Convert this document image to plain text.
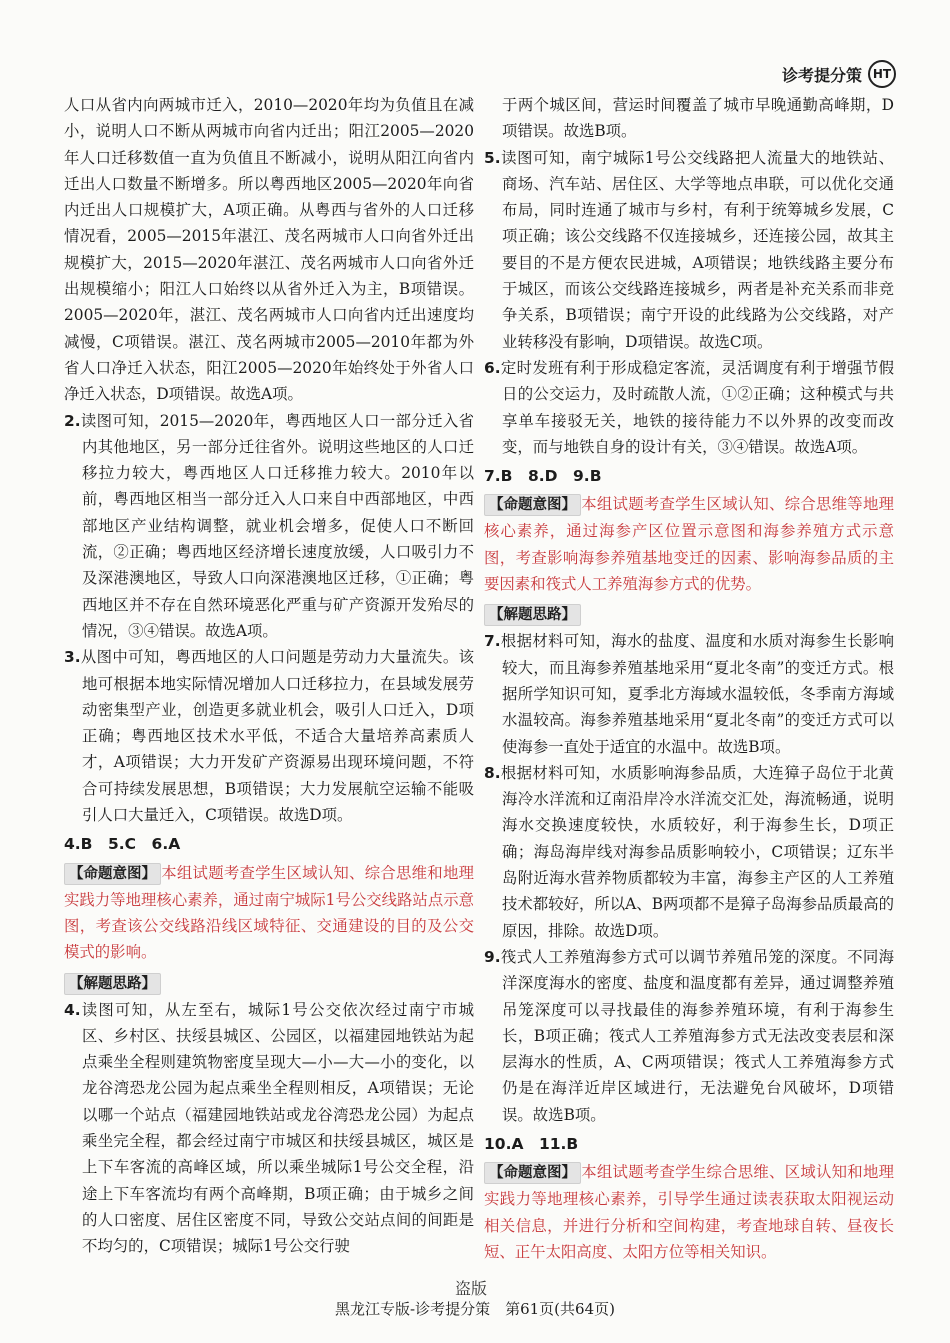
诊考提分策 HT

人口从省内向两城市迁入，2010—2020年均为负值且在减小，说明人口不断从两城市向省内迁出；阳江2005—2020年人口迁移数值一直为负值且不断减小，说明从阳江向省内迁出人口数量不断增多。所以粤西地区2005—2020年向省内迁出人口规模扩大，A项正确。从粤西与省外的人口迁移情况看，2005—2015年湛江、茂名两城市人口向省外迁出规模扩大，2015—2020年湛江、茂名两城市人口向省外迁出规模缩小；阳江人口始终以从省外迁入为主，B项错误。2005—2020年，湛江、茂名两城市人口向省内迁出速度均减慢，C项错误。湛江、茂名两城市2005—2010年都为外省人口净迁入状态，阳江2005—2020年始终处于外省人口净迁入状态，D项错误。故选A项。

2.读图可知，2015—2020年，粤西地区人口一部分迁入省内其他地区，另一部分迁往省外。说明这些地区的人口迁移拉力较大，粤西地区人口迁移推力较大。2010年以前，粤西地区相当一部分迁入人口来自中西部地区，中西部地区产业结构调整，就业机会增多，促使人口不断回流，②正确；粤西地区经济增长速度放缓，人口吸引力不及深港澳地区，导致人口向深港澳地区迁移，①正确；粤西地区并不存在自然环境恶化严重与矿产资源开发殆尽的情况，③④错误。故选A项。

3.从图中可知，粤西地区的人口问题是劳动力大量流失。该地可根据本地实际情况增加人口迁移拉力，在县域发展劳动密集型产业，创造更多就业机会，吸引人口迁入，D项正确；粤西地区技术水平低，不适合大量培养高素质人才，A项错误；大力开发矿产资源易出现环境问题，不符合可持续发展思想，B项错误；大力发展航空运输不能吸引人口大量迁入，C项错误。故选D项。

4.B　5.C　6.A

【命题意图】 本组试题考查学生区域认知、综合思维和地理实践力等地理核心素养，通过南宁城际1号公交线路站点示意图，考查该公交线路沿线区域特征、交通建设的目的及公交模式的影响。

【解题思路】

4.读图可知，从左至右，城际1号公交依次经过南宁市城区、乡村区、扶绥县城区、公园区，以福建园地铁站为起点乘坐全程则建筑物密度呈现大—小—大—小的变化，以龙谷湾恐龙公园为起点乘坐全程则相反，A项错误；无论以哪一个站点（福建园地铁站或龙谷湾恐龙公园）为起点乘坐完全程，都会经过南宁市城区和扶绥县城区，城区是上下车客流的高峰区域，所以乘坐城际1号公交全程，沿途上下车客流均有两个高峰期，B项正确；由于城乡之间的人口密度、居住区密度不同，导致公交站点间的间距是不均匀的，C项错误；城际1号公交行驶

于两个城区间，营运时间覆盖了城市早晚通勤高峰期，D项错误。故选B项。

5.读图可知，南宁城际1号公交线路把人流量大的地铁站、商场、汽车站、居住区、大学等地点串联，可以优化交通布局，同时连通了城市与乡村，有利于统筹城乡发展，C项正确；该公交线路不仅连接城乡，还连接公园，故其主要目的不是方便农民进城，A项错误；地铁线路主要分布于城区，而该公交线路连接城乡，两者是补充关系而非竞争关系，B项错误；南宁开设的此线路为公交线路，对产业转移没有影响，D项错误。故选C项。

6.定时发班有利于形成稳定客流，灵活调度有利于增强节假日的公交运力，及时疏散人流，①②正确；这种模式与共享单车接驳无关，地铁的接待能力不以外界的改变而改变，而与地铁自身的设计有关，③④错误。故选A项。

7.B　8.D　9.B

【命题意图】 本组试题考查学生区域认知、综合思维等地理核心素养，通过海参产区位置示意图和海参养殖方式示意图，考查影响海参养殖基地变迁的因素、影响海参品质的主要因素和筏式人工养殖海参方式的优势。

【解题思路】

7.根据材料可知，海水的盐度、温度和水质对海参生长影响较大，而且海参养殖基地采用“夏北冬南”的变迁方式。根据所学知识可知，夏季北方海域水温较低，冬季南方海域水温较高。海参养殖基地采用“夏北冬南”的变迁方式可以使海参一直处于适宜的水温中。故选B项。

8.根据材料可知，水质影响海参品质，大连獐子岛位于北黄海冷水洋流和辽南沿岸冷水洋流交汇处，海流畅通，说明海水交换速度较快，水质较好，利于海参生长，D项正确；海岛海岸线对海参品质影响较小，C项错误；辽东半岛附近海水营养物质都较为丰富，海参主产区的人工养殖技术都较好，所以A、B两项都不是獐子岛海参品质最高的原因，排除。故选D项。

9.筏式人工养殖海参方式可以调节养殖吊笼的深度。不同海洋深度海水的密度、盐度和温度都有差异，通过调整养殖吊笼深度可以寻找最佳的海参养殖环境，有利于海参生长，B项正确；筏式人工养殖海参方式无法改变表层和深层海水的性质，A、C两项错误；筏式人工养殖海参方式仍是在海洋近岸区域进行，无法避免台风破坏，D项错误。故选B项。

10.A　11.B

【命题意图】 本组试题考查学生综合思维、区域认知和地理实践力等地理核心素养，引导学生通过读表获取太阳视运动相关信息，并进行分析和空间构建，考查地球自转、昼夜长短、正午太阳高度、太阳方位等相关知识。

盗版
黑龙江专版-诊考提分策　第61页(共64页)
